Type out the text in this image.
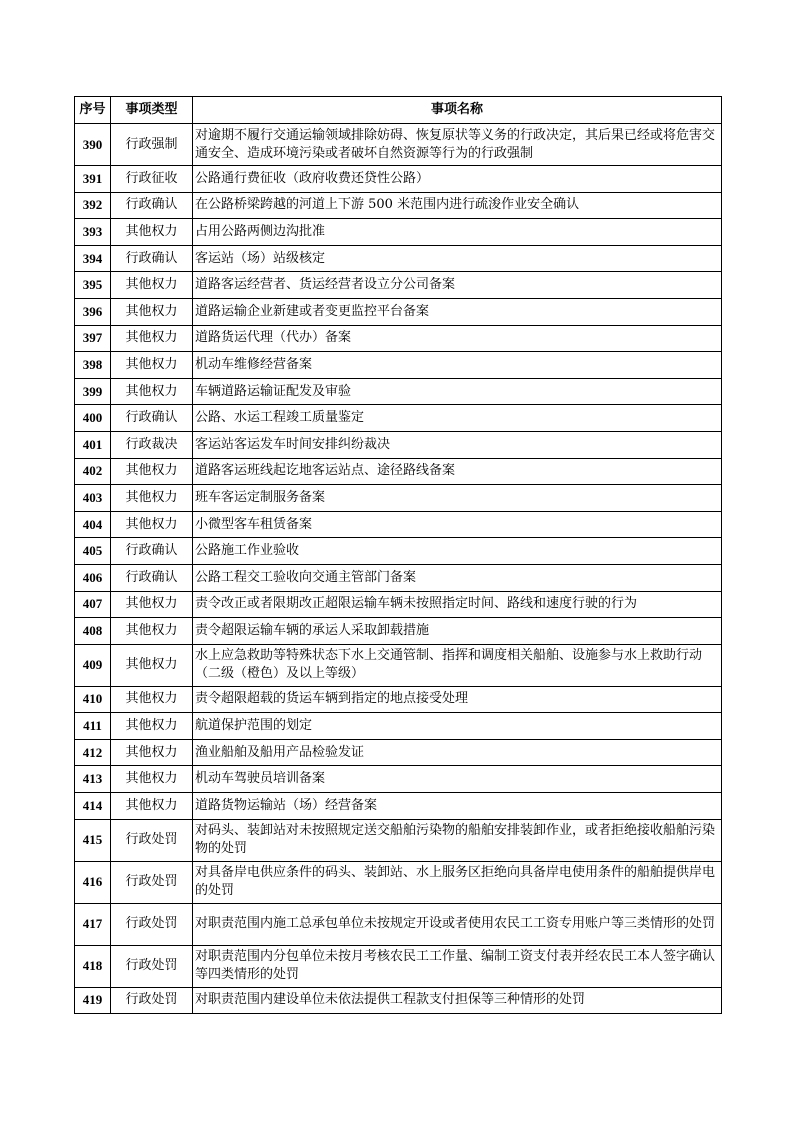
序号	事项类型	事项名称
390	行政强制	对逾期不履行交通运输领域排除妨碍、恢复原状等义务的行政决定，其后果已经或将危害交通安全、造成环境污染或者破坏自然资源等行为的行政强制
391	行政征收	公路通行费征收（政府收费还贷性公路）
392	行政确认	在公路桥梁跨越的河道上下游 500 米范围内进行疏浚作业安全确认
393	其他权力	占用公路两侧边沟批准
394	行政确认	客运站（场）站级核定
395	其他权力	道路客运经营者、货运经营者设立分公司备案
396	其他权力	道路运输企业新建或者变更监控平台备案
397	其他权力	道路货运代理（代办）备案
398	其他权力	机动车维修经营备案
399	其他权力	车辆道路运输证配发及审验
400	行政确认	公路、水运工程竣工质量鉴定
401	行政裁决	客运站客运发车时间安排纠纷裁决
402	其他权力	道路客运班线起讫地客运站点、途径路线备案
403	其他权力	班车客运定制服务备案
404	其他权力	小微型客车租赁备案
405	行政确认	公路施工作业验收
406	行政确认	公路工程交工验收向交通主管部门备案
407	其他权力	责令改正或者限期改正超限运输车辆未按照指定时间、路线和速度行驶的行为
408	其他权力	责令超限运输车辆的承运人采取卸载措施
409	其他权力	水上应急救助等特殊状态下水上交通管制、指挥和调度相关船舶、设施参与水上救助行动（二级（橙色）及以上等级）
410	其他权力	责令超限超载的货运车辆到指定的地点接受处理
411	其他权力	航道保护范围的划定
412	其他权力	渔业船舶及船用产品检验发证
413	其他权力	机动车驾驶员培训备案
414	其他权力	道路货物运输站（场）经营备案
415	行政处罚	对码头、装卸站对未按照规定送交船舶污染物的船舶安排装卸作业，或者拒绝接收船舶污染物的处罚
416	行政处罚	对具备岸电供应条件的码头、装卸站、水上服务区拒绝向具备岸电使用条件的船舶提供岸电的处罚
417	行政处罚	对职责范围内施工总承包单位未按规定开设或者使用农民工工资专用账户等三类情形的处罚
418	行政处罚	对职责范围内分包单位未按月考核农民工工作量、编制工资支付表并经农民工本人签字确认等四类情形的处罚
419	行政处罚	对职责范围内建设单位未依法提供工程款支付担保等三种情形的处罚
